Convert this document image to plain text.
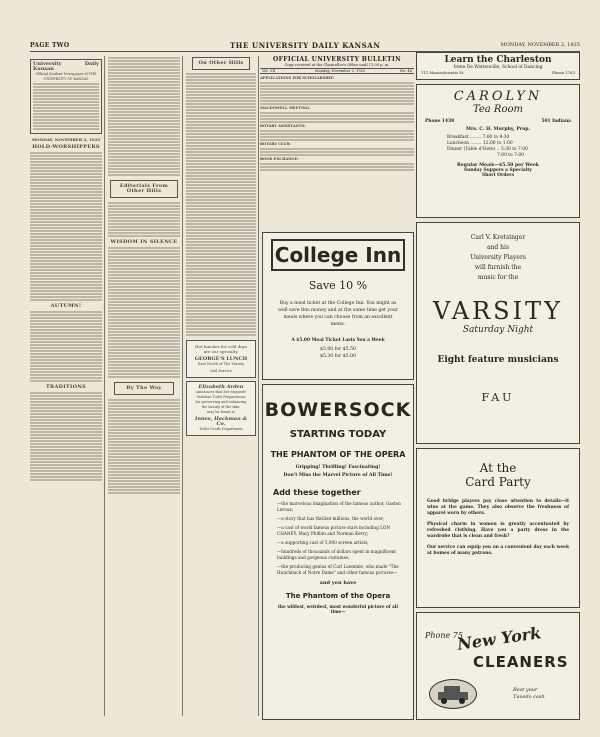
PAGE TWO	THE UNIVERSITY DAILY KANSAN	MONDAY, NOVEMBER 2, 1925
University Daily Kansan
Official Student Newspaper of THE UNIVERSITY OF KANSAS
MONDAY, NOVEMBER 2, 1925
HOLD-WORSHIPPERS
AUTUMN!
TRADITIONS
Editorials From Other Hills
WISDOM IN SILENCE
By The Way
On Other Hills
Hot lunches for cold days
are our specialty.
GEORGE'S LUNCH
East North of The Varsity
Owl Service
Elizabeth Arden
announces that her exquisite
Venetian Toilet Preparations
for preserving and enhancing
the beauty of the skin,
may be found at
Innes, Hackman & Co.
Toilet Goods Department
OFFICIAL UNIVERSITY BULLETIN
Copy received at the Chancellor's Office until 11:00 p. m.
Vol. VII	Monday, November 2, 1925	No. 46
APPLICATIONS FOR SCHOLARSHIP:
MACDOWELL MEETING:
ROTARY ASSISTANTS:
ROTARY CLUB:
BOOK EXCHANGE:
Learn the Charleston
Irene De Wattenville, School of Dancing
711 Massachusetts St.	Phone 1763
CAROLYN
Tea Room
Phone 1438	501 Indiana
Mrs. C. H. Murphy, Prop.
Breakfast ........ 7:00 to 8:30
Luncheon ........ 12:00 to 1:00
Dinner (Table d'Hote) .. 5:30 to 7:00
7:00 to 7:00
Regular Meals—$5.50 per Week
Sunday Suppers a Specialty
Short Orders
College Inn
Save 10 %
Buy a meal ticket at the College Inn. You might as well save this money and at the same time get your meals where you can choose from an excellent menu.
A $5.00 Meal Ticket Lasts You a Week
$5.00 for $5.50
$5.30 for $5.00
Carl V. Kretsinger
and his
University Players
will furnish the
music for the
VARSITY
Saturday Night
Eight feature musicians
FAU
BOWERSOCK
STARTING TODAY
THE PHANTOM OF THE OPERA
Gripping! Thrilling! Fascinating!
Don't Miss the Marvel Picture of All Time!
Add these together
—the marvelous imagination of the famous author, Gaston Leroux;
—a story that has thrilled millions, the world over;
—a cast of world famous picture stars including LON CHANEY, Mary Philbin and Norman Kerry;
—a supporting cast of 5,000 screen artists;
—hundreds of thousands of dollars spent in magnificent buildings and gorgeous costumes;
—the producing genius of Carl Laemmle, who made "The Hunchback of Notre Dame" and other famous pictures—
and you have
The Phantom of the Opera
the wildest, weirdest, most wonderful picture of all time—
At the
Card Party
Good bridge players pay close attention to details—it wins at the game. They also observe the freshness of apparel worn by others.
Physical charm in women is greatly accentuated by refreshed clothing. Have you a party dress in the wardrobe that is clean and fresh?
Our service can equip you on a convenient day each week at homes of many patrons.
Phone 75
New York
CLEANERS
Rest your
Tuxedo cash
